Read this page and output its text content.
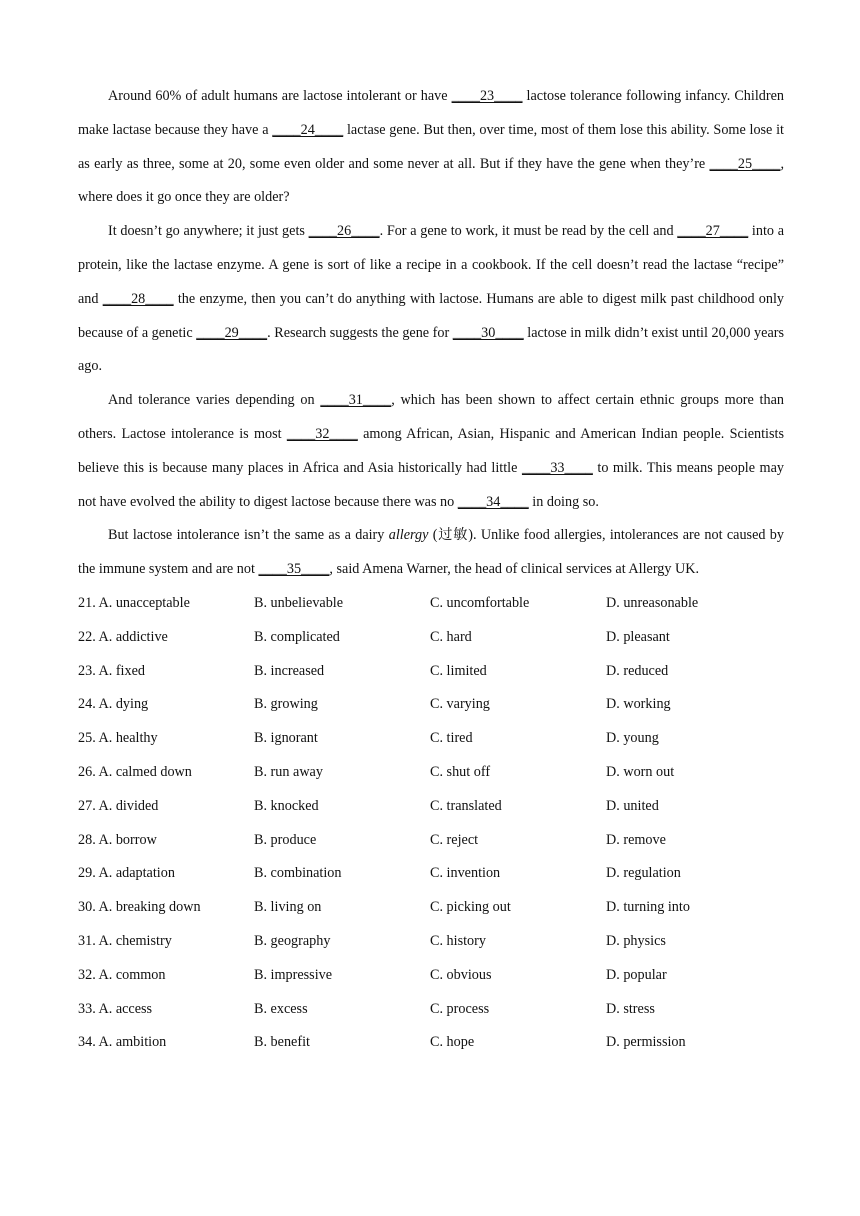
Around 60% of adult humans are lactose intolerant or have ____23____ lactose tolerance following infancy. Children make lactase because they have a ____24____ lactase gene. But then, over time, most of them lose this ability. Some lose it as early as three, some at 20, some even older and some never at all. But if they have the gene when they’re ____25____, where does it go once they are older?

It doesn’t go anywhere; it just gets ____26____. For a gene to work, it must be read by the cell and ____27____ into a protein, like the lactase enzyme. A gene is sort of like a recipe in a cookbook. If the cell doesn’t read the lactase “recipe” and ____28____ the enzyme, then you can’t do anything with lactose. Humans are able to digest milk past childhood only because of a genetic ____29____. Research suggests the gene for ____30____ lactose in milk didn’t exist until 20,000 years ago.

And tolerance varies depending on ____31____, which has been shown to affect certain ethnic groups more than others. Lactose intolerance is most ____32____ among African, Asian, Hispanic and American Indian people. Scientists believe this is because many places in Africa and Asia historically had little ____33____ to milk. This means people may not have evolved the ability to digest lactose because there was no ____34____ in doing so.

But lactose intolerance isn’t the same as a dairy allergy (过敏). Unlike food allergies, intolerances are not caused by the immune system and are not ____35____, said Amena Warner, the head of clinical services at Allergy UK.

21. A. unacceptable	B. unbelievable	C. uncomfortable	D. unreasonable
22. A. addictive	B. complicated	C. hard	D. pleasant
23. A. fixed	B. increased	C. limited	D. reduced
24. A. dying	B. growing	C. varying	D. working
25. A. healthy	B. ignorant	C. tired	D. young
26. A. calmed down	B. run away	C. shut off	D. worn out
27. A. divided	B. knocked	C. translated	D. united
28. A. borrow	B. produce	C. reject	D. remove
29. A. adaptation	B. combination	C. invention	D. regulation
30. A. breaking down	B. living on	C. picking out	D. turning into
31. A. chemistry	B. geography	C. history	D. physics
32. A. common	B. impressive	C. obvious	D. popular
33. A. access	B. excess	C. process	D. stress
34. A. ambition	B. benefit	C. hope	D. permission
